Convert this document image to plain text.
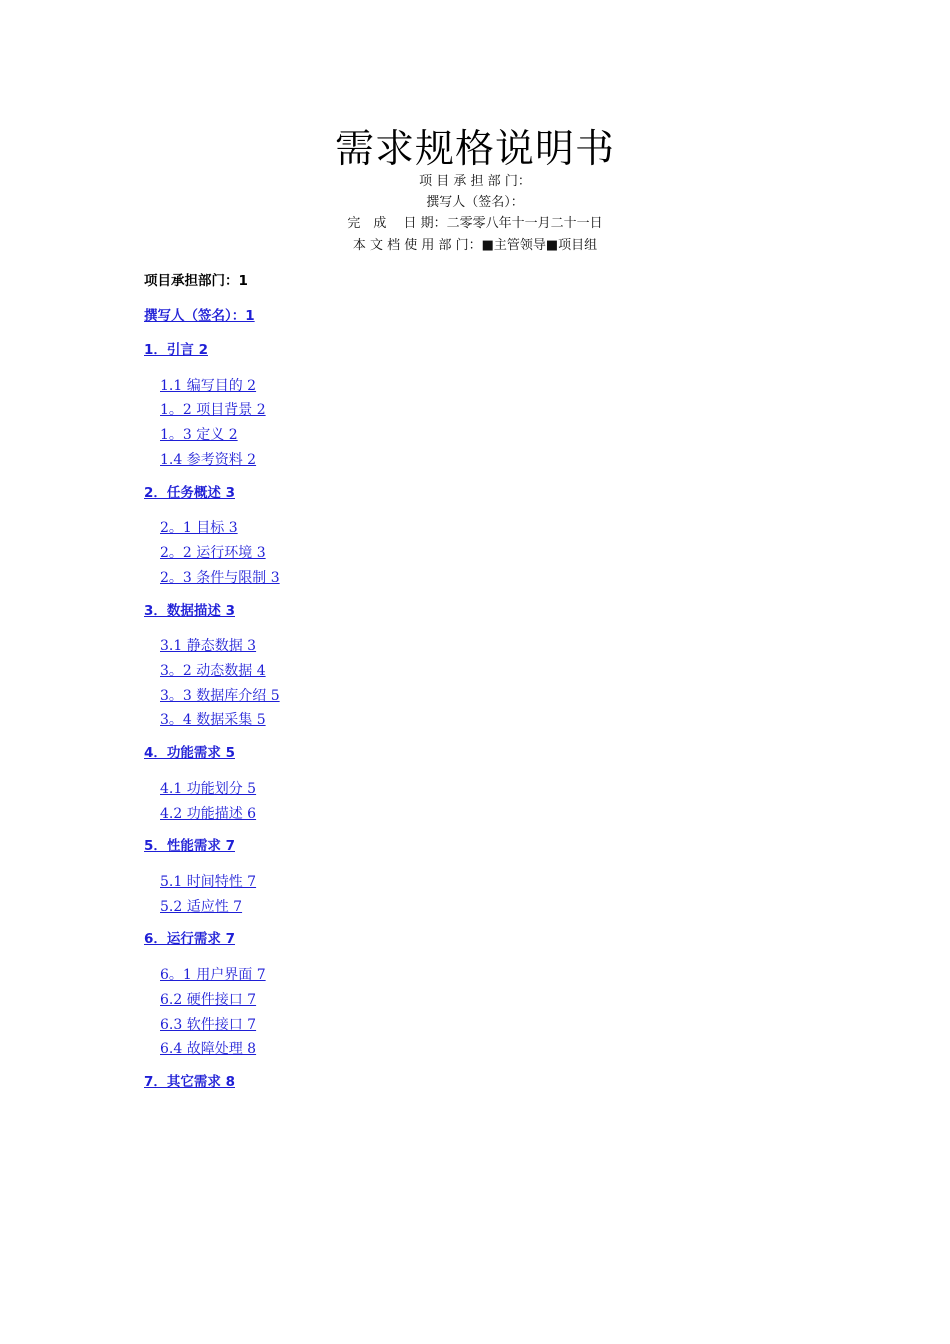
需求规格说明书
项 目 承 担 部 门：
撰写人（签名）：
完　成　 日 期：二零零八年十一月二十一日
本 文 档 使 用 部 门：■主管领导■项目组
项目承担部门：1
撰写人（签名）：1
1．引言 2
1.1 编写目的 2
1。2 项目背景 2
1。3 定义 2
1.4 参考资料 2
2．任务概述 3
2。1 目标 3
2。2 运行环境 3
2。3 条件与限制 3
3．数据描述 3
3.1 静态数据 3
3。2 动态数据 4
3。3 数据库介绍 5
3。4 数据采集 5
4．功能需求 5
4.1 功能划分 5
4.2 功能描述 6
5．性能需求 7
5.1 时间特性 7
5.2 适应性 7
6．运行需求 7
6。1 用户界面 7
6.2 硬件接口 7
6.3 软件接口 7
6.4 故障处理 8
7．其它需求 8
